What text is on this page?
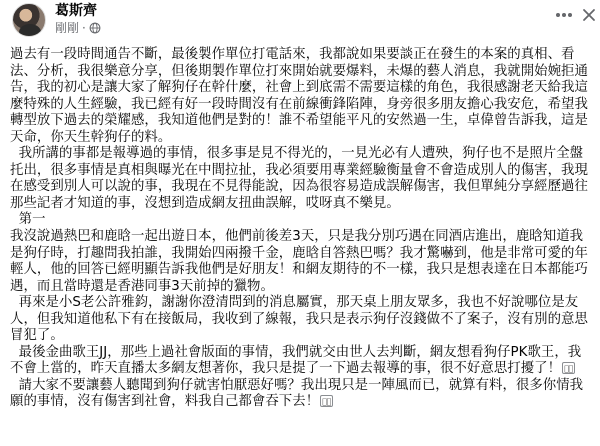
葛斯齊
剛剛 ·

過去有一段時間通告不斷，最後製作單位打電話來，我都說如果要談正在發生的本案的真相、看法、分析，我很樂意分享，但後期製作單位打來開始就要爆料，未爆的藝人消息，我就開始婉拒通告，我的初心是讓大家了解狗仔在幹什麼，社會上到底需不需要這樣的角色，我很感謝老天給我這麼特殊的人生經驗，我已經有好一段時間沒有在前線衝鋒陷陣，身旁很多朋友擔心我安危，希望我轉型放下過去的榮耀感，我知道他們是對的！誰不希望能平凡的安然過一生，卓偉曾告訴我，這是天命，你天生幹狗仔的料。

我所講的事都是報導過的事情，很多事是見不得光的，一見光必有人遭殃，狗仔也不是照片全盤托出，很多事情是真相與曝光在中間拉扯，我必須要用專業經驗衡量會不會造成別人的傷害，我現在感受到別人可以說的事，我現在不見得能說，因為很容易造成誤解傷害，我但單純分享經歷過往那些記者才知道的事，沒想到造成網友扭曲誤解，哎呀真不樂見。

第一

我沒說過熱巴和鹿晗一起出遊日本，他們前後差3天，只是我分別巧遇在同酒店進出，鹿晗知道我是狗仔時，打趣問我拍誰，我開始四兩撥千金，鹿晗自答熱巴嗎？我才驚嚇到，他是非常可愛的年輕人，他的回答已經明顯告訴我他們是好朋友！和網友期待的不一樣，我只是想表達在日本都能巧遇，而且當時還是香港同事3天前掉的獵物。

再來是小S老公許雅鈞，謝謝你澄清問到的消息屬實，那天桌上朋友眾多，我也不好說哪位是友人，但我知道他私下有在接飯局，我收到了線報，我只是表示狗仔沒錢做不了案子，沒有別的意思冒犯了。

最後金曲歌王JJ，那些上過社會版面的事情，我們就交由世人去判斷，網友想看狗仔PK歌王，我不會上當的，昨天直播太多網友想著你，我只是提了一下過去報導的事，很不好意思打擾了！ 󾭧󾭧

請大家不要讓藝人聽聞到狗仔就害怕厭惡好嗎？我出現只是一陣風而已，就算有料，很多你情我願的事情，沒有傷害到社會，料我自己都會吞下去！ 󾭧󾭧
